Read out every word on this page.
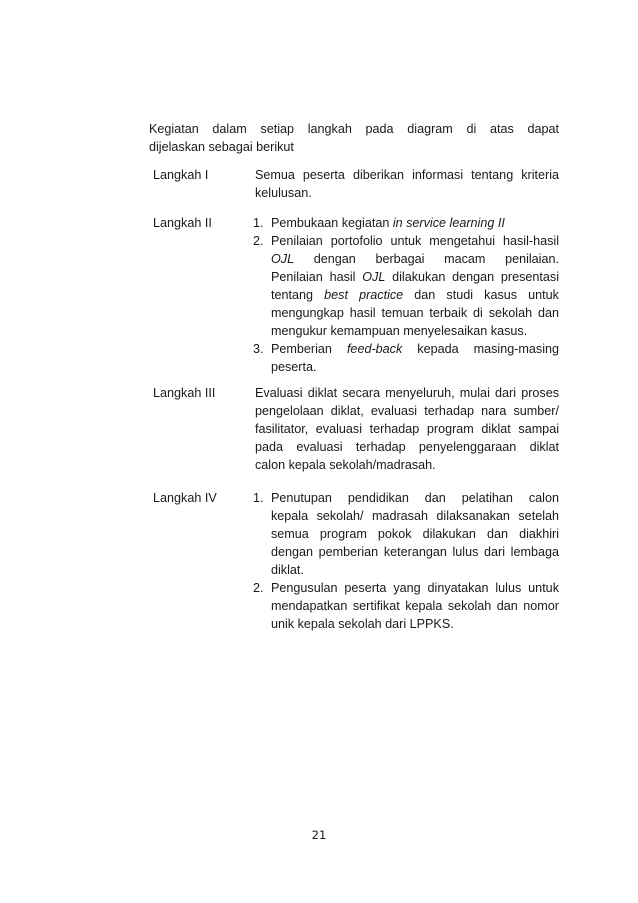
Kegiatan dalam setiap langkah pada diagram di atas dapat
dijelaskan sebagai berikut
Langkah I	Semua peserta diberikan informasi tentang kriteria
kelulusan.
Langkah II	1. Pembukaan kegiatan in service learning II
2. Penilaian portofolio untuk mengetahui hasil-hasil
OJL dengan berbagai macam penilaian.
Penilaian hasil OJL dilakukan dengan presentasi
tentang best practice dan studi kasus untuk
mengungkap hasil temuan terbaik di sekolah dan
mengukur kemampuan menyelesaikan kasus.
3. Pemberian feed-back kepada masing-masing
peserta.
Langkah III	Evaluasi diklat secara menyeluruh, mulai dari proses
pengelolaan diklat, evaluasi terhadap nara sumber/
fasilitator, evaluasi terhadap program diklat sampai
pada evaluasi terhadap penyelenggaraan diklat
calon kepala sekolah/madrasah.
Langkah IV	1. Penutupan pendidikan dan pelatihan calon
kepala sekolah/ madrasah dilaksanakan setelah
semua program pokok dilakukan dan diakhiri
dengan pemberian keterangan lulus dari lembaga
diklat.
2. Pengusulan peserta yang dinyatakan lulus untuk
mendapatkan sertifikat kepala sekolah dan nomor
unik kepala sekolah dari LPPKS.
21
